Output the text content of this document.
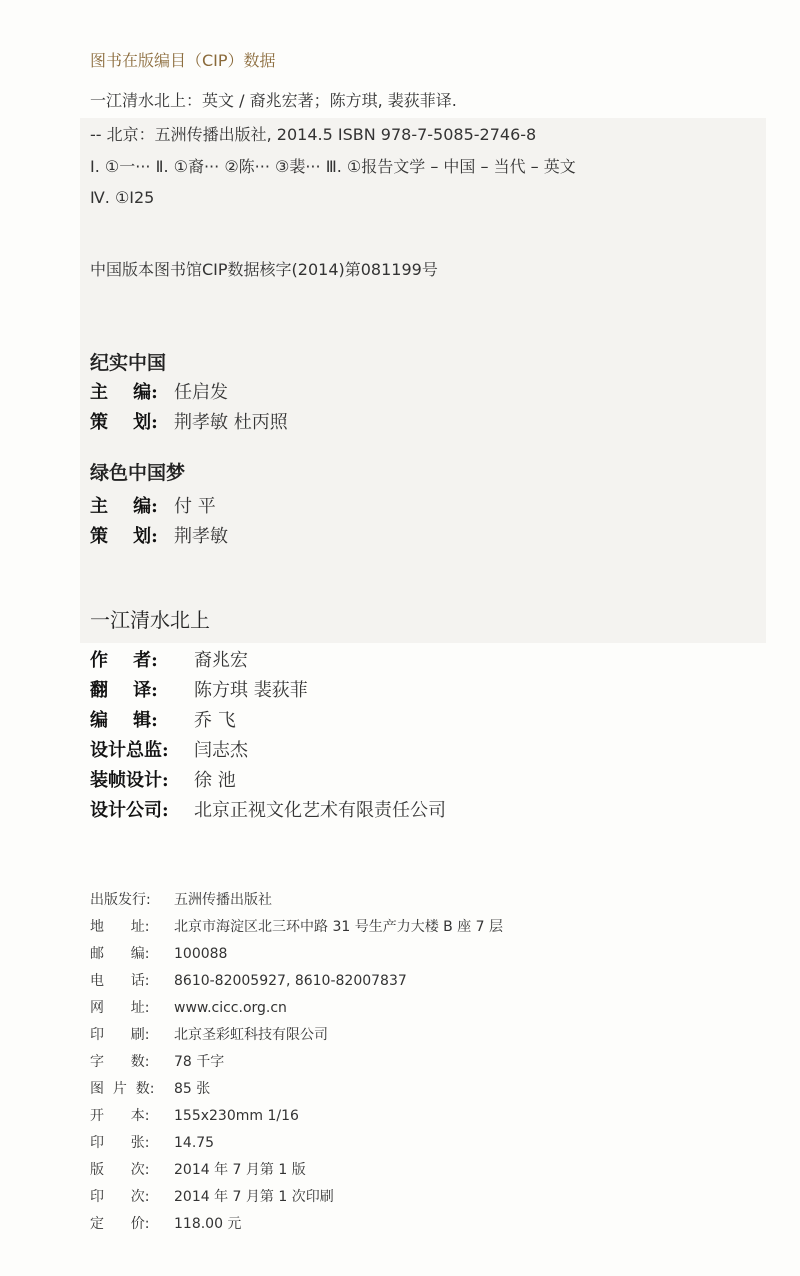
图书在版编目（CIP）数据
一江清水北上：英文 / 裔兆宏著；陈方琪, 裴荻菲译.
-- 北京：五洲传播出版社, 2014.5 ISBN 978-7-5085-2746-8
Ⅰ. ①一··· Ⅱ. ①裔··· ②陈··· ③裴··· Ⅲ. ①报告文学 – 中国 – 当代 – 英文
Ⅳ. ①I25
中国版本图书馆CIP数据核字(2014)第081199号
纪实中国
主    编: 任启发
策    划: 荆孝敏 杜丙照
绿色中国梦
主    编: 付 平
策    划: 荆孝敏
一江清水北上
作    者: 裔兆宏
翻    译: 陈方琪 裴荻菲
编    辑: 乔 飞
设计总监: 闫志杰
装帧设计: 徐 池
设计公司: 北京正视文化艺术有限责任公司
出版发行: 五洲传播出版社
地      址: 北京市海淀区北三环中路 31 号生产力大楼 B 座 7 层
邮      编: 100088
电      话: 8610-82005927, 8610-82007837
网      址: www.cicc.org.cn
印      刷: 北京圣彩虹科技有限公司
字      数: 78 千字
图  片  数: 85 张
开      本: 155x230mm 1/16
印      张: 14.75
版      次: 2014 年 7 月第 1 版
印      次: 2014 年 7 月第 1 次印刷
定      价: 118.00 元
